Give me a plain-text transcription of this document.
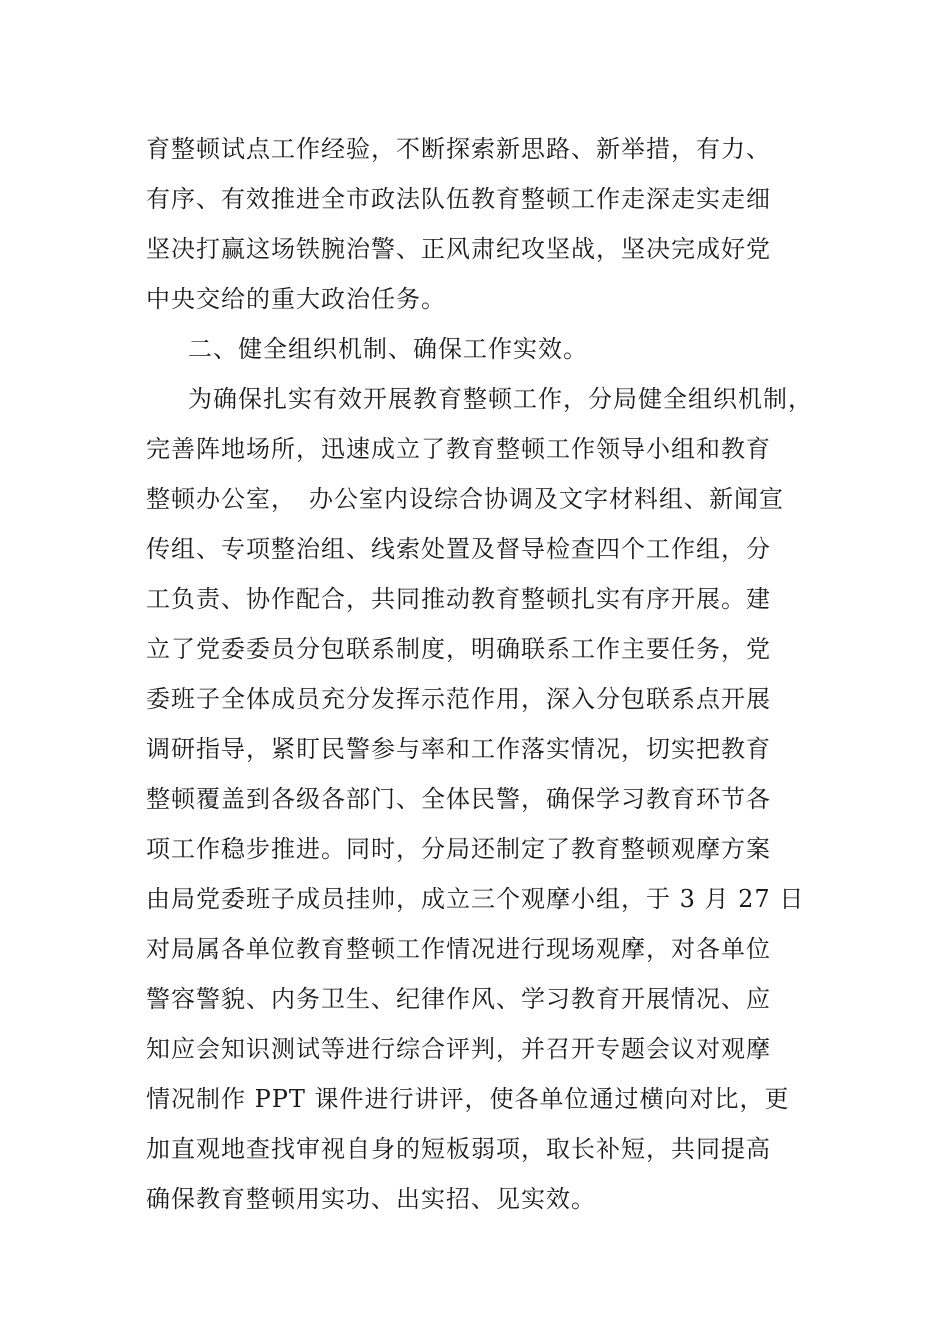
育整顿试点工作经验，不断探索新思路、新举措，有力、
有序、有效推进全市政法队伍教育整顿工作走深走实走细
坚决打赢这场铁腕治警、正风肃纪攻坚战，坚决完成好党
中央交给的重大政治任务。
二、健全组织机制、确保工作实效。
为确保扎实有效开展教育整顿工作，分局健全组织机制，
完善阵地场所，迅速成立了教育整顿工作领导小组和教育
整顿办公室，　办公室内设综合协调及文字材料组、新闻宣
传组、专项整治组、线索处置及督导检查四个工作组，分
工负责、协作配合，共同推动教育整顿扎实有序开展。建
立了党委委员分包联系制度，明确联系工作主要任务，党
委班子全体成员充分发挥示范作用，深入分包联系点开展
调研指导，紧盯民警参与率和工作落实情况，切实把教育
整顿覆盖到各级各部门、全体民警，确保学习教育环节各
项工作稳步推进。同时，分局还制定了教育整顿观摩方案
由局党委班子成员挂帅，成立三个观摩小组，于 3 月 27 日
对局属各单位教育整顿工作情况进行现场观摩，对各单位
警容警貌、内务卫生、纪律作风、学习教育开展情况、应
知应会知识测试等进行综合评判，并召开专题会议对观摩
情况制作 PPT 课件进行讲评，使各单位通过横向对比，更
加直观地查找审视自身的短板弱项，取长补短，共同提高
确保教育整顿用实功、出实招、见实效。
